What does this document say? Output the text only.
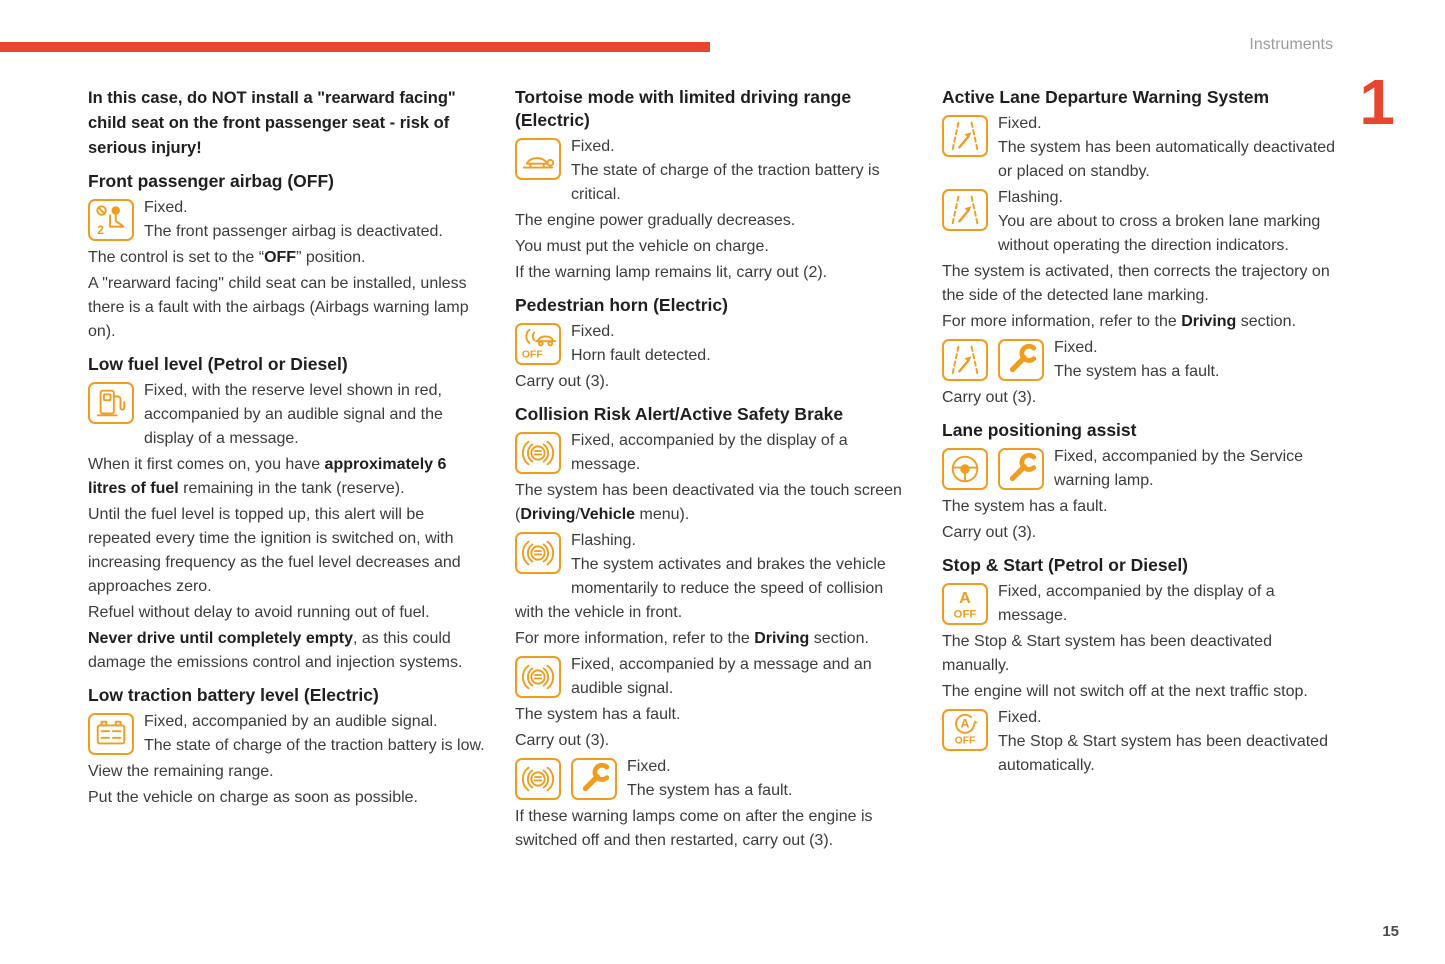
Instruments
1

In this case, do NOT install a "rearward facing" child seat on the front passenger seat - risk of serious injury!

Front passenger airbag (OFF)

2
Fixed.
The front passenger airbag is deactivated.

The control is set to the “OFF” position.

A "rearward facing" child seat can be installed, unless there is a fault with the airbags (Airbags warning lamp on).

Low fuel level (Petrol or Diesel)

Fixed, with the reserve level shown in red, accompanied by an audible signal and the display of a message.

When it first comes on, you have approximately 6 litres of fuel remaining in the tank (reserve).

Until the fuel level is topped up, this alert will be repeated every time the ignition is switched on, with increasing frequency as the fuel level decreases and approaches zero.

Refuel without delay to avoid running out of fuel.

Never drive until completely empty, as this could damage the emissions control and injection systems.

Low traction battery level (Electric)

Fixed, accompanied by an audible signal.
The state of charge of the traction battery is low.

View the remaining range.

Put the vehicle on charge as soon as possible.

Tortoise mode with limited driving range (Electric)

Fixed.
The state of charge of the traction battery is critical.

The engine power gradually decreases.

You must put the vehicle on charge.

If the warning lamp remains lit, carry out (2).

Pedestrian horn (Electric)

OFF
Fixed.
Horn fault detected.

Carry out (3).

Collision Risk Alert/Active Safety Brake

Fixed, accompanied by the display of a message.

The system has been deactivated via the touch screen (Driving/Vehicle menu).

Flashing.
The system activates and brakes the vehicle momentarily to reduce the speed of collision with the vehicle in front.

For more information, refer to the Driving section.

Fixed, accompanied by a message and an audible signal.

The system has a fault.

Carry out (3).

Fixed.
The system has a fault.

If these warning lamps come on after the engine is switched off and then restarted, carry out (3).

Active Lane Departure Warning System

Fixed.
The system has been automatically deactivated or placed on standby.

Flashing.
You are about to cross a broken lane marking without operating the direction indicators.

The system is activated, then corrects the trajectory on the side of the detected lane marking.

For more information, refer to the Driving section.

Fixed.
The system has a fault.

Carry out (3).

Lane positioning assist

Fixed, accompanied by the Service warning lamp.

The system has a fault.

Carry out (3).

Stop & Start (Petrol or Diesel)

A
OFF
Fixed, accompanied by the display of a message.

The Stop & Start system has been deactivated manually.

The engine will not switch off at the next traffic stop.

A
OFF
Fixed.
The Stop & Start system has been deactivated automatically.

15
